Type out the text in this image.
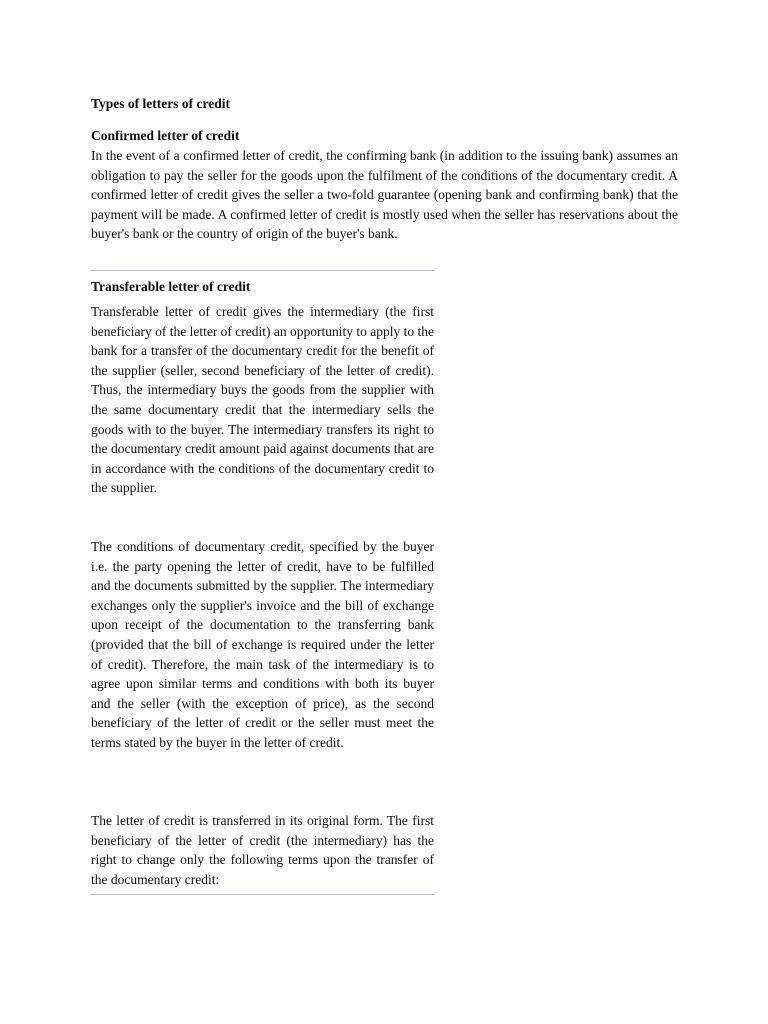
Types of letters of credit
Confirmed letter of credit

In the event of a confirmed letter of credit, the confirming bank (in addition to the issuing bank) assumes an obligation to pay the seller for the goods upon the fulfilment of the conditions of the documentary credit. A confirmed letter of credit gives the seller a two-fold guarantee (opening bank and confirming bank) that the payment will be made. A confirmed letter of credit is mostly used when the seller has reservations about the buyer's bank or the country of origin of the buyer's bank.

Transferable letter of credit

Transferable letter of credit gives the intermediary (the first beneficiary of the letter of credit) an opportunity to apply to the bank for a transfer of the documentary credit for the benefit of the supplier (seller, second beneficiary of the letter of credit). Thus, the intermediary buys the goods from the supplier with the same documentary credit that the intermediary sells the goods with to the buyer. The intermediary transfers its right to the documentary credit amount paid against documents that are in accordance with the conditions of the documentary credit to the supplier.

The conditions of documentary credit, specified by the buyer i.e. the party opening the letter of credit, have to be fulfilled and the documents submitted by the supplier. The intermediary exchanges only the supplier's invoice and the bill of exchange upon receipt of the documentation to the transferring bank (provided that the bill of exchange is required under the letter of credit). Therefore, the main task of the intermediary is to agree upon similar terms and conditions with both its buyer and the seller (with the exception of price), as the second beneficiary of the letter of credit or the seller must meet the terms stated by the buyer in the letter of credit.

The letter of credit is transferred in its original form. The first beneficiary of the letter of credit (the intermediary) has the right to change only the following terms upon the transfer of the documentary credit:
